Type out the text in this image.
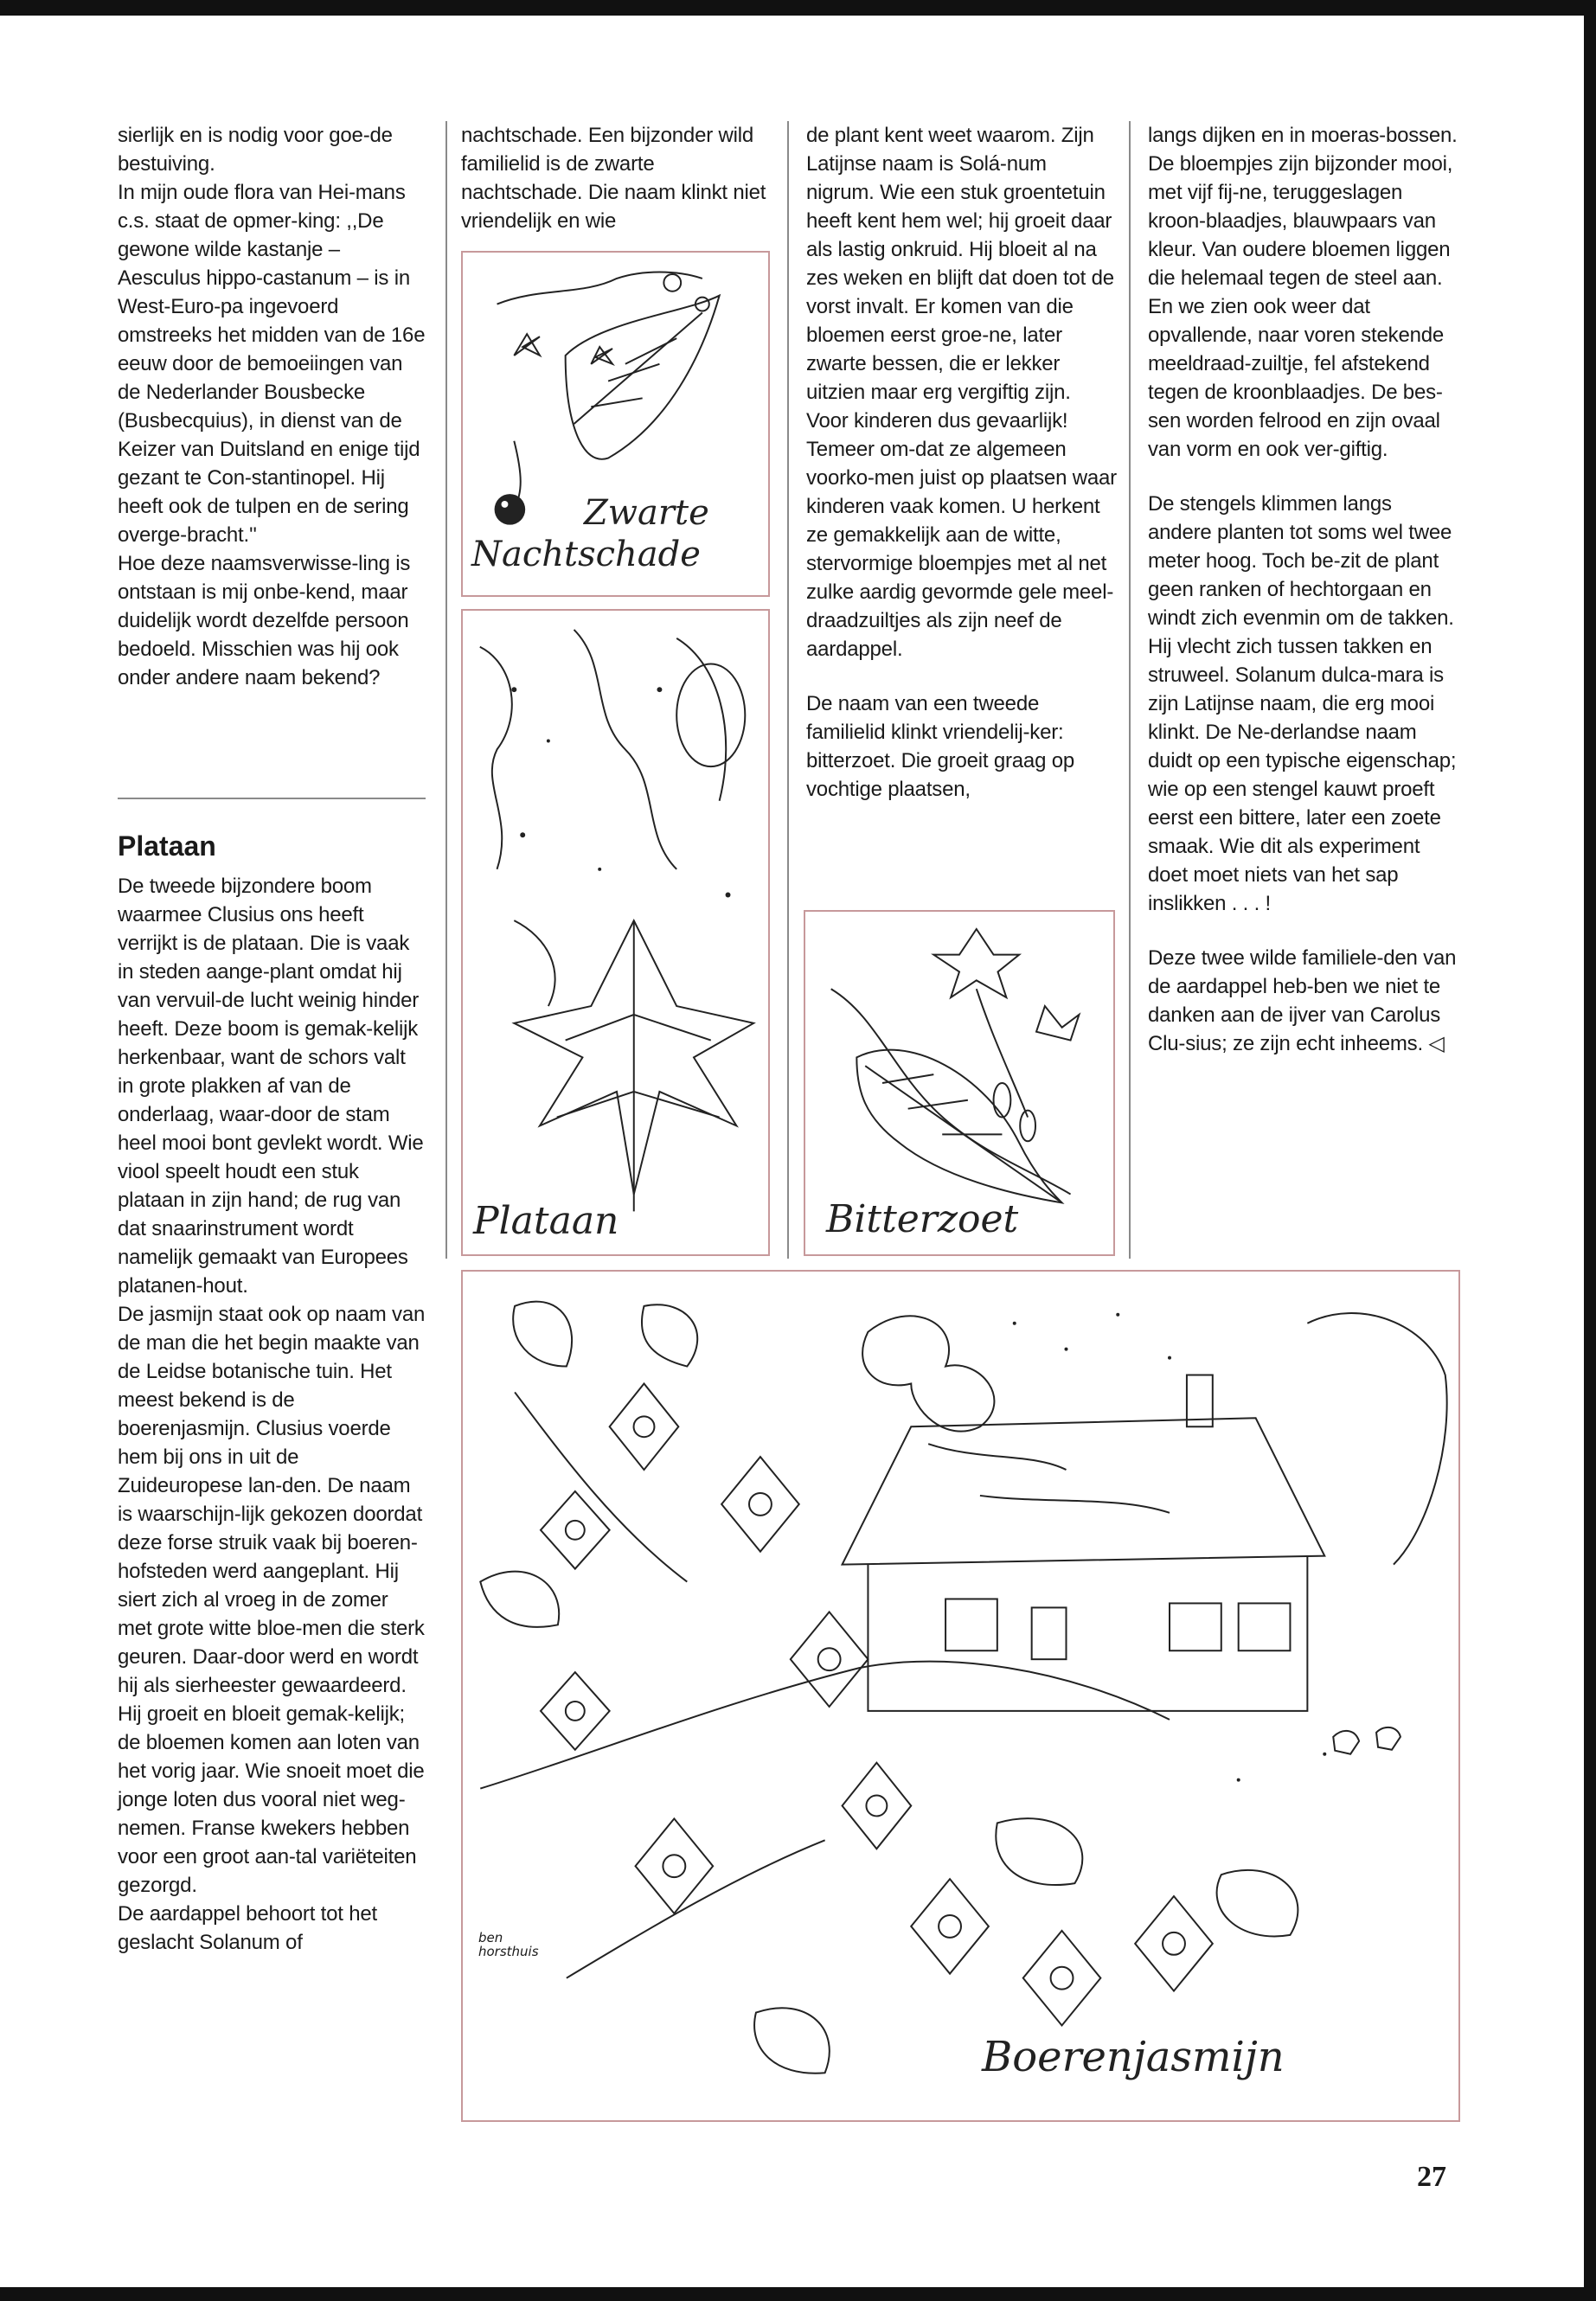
sierlijk en is nodig voor goe-de bestuiving.

In mijn oude flora van Hei-mans c.s. staat de opmer-king: ,,De gewone wilde kastanje – Aesculus hippo-castanum – is in West-Euro-pa ingevoerd omstreeks het midden van de 16e eeuw door de bemoeiingen van de Nederlander Bousbecke (Busbecquius), in dienst van de Keizer van Duitsland en enige tijd gezant te Con-stantinopel. Hij heeft ook de tulpen en de sering overge-bracht.''

Hoe deze naamsverwisse-ling is ontstaan is mij onbe-kend, maar duidelijk wordt dezelfde persoon bedoeld. Misschien was hij ook onder andere naam bekend?

Plataan

De tweede bijzondere boom waarmee Clusius ons heeft verrijkt is de plataan. Die is vaak in steden aange-plant omdat hij van vervuil-de lucht weinig hinder heeft. Deze boom is gemak-kelijk herkenbaar, want de schors valt in grote plakken af van de onderlaag, waar-door de stam heel mooi bont gevlekt wordt. Wie viool speelt houdt een stuk plataan in zijn hand; de rug van dat snaarinstrument wordt namelijk gemaakt van Europees platanen-hout.

De jasmijn staat ook op naam van de man die het begin maakte van de Leidse botanische tuin. Het meest bekend is de boerenjasmijn. Clusius voerde hem bij ons in uit de Zuideuropese lan-den. De naam is waarschijn-lijk gekozen doordat deze forse struik vaak bij boeren-hofsteden werd aangeplant. Hij siert zich al vroeg in de zomer met grote witte bloe-men die sterk geuren. Daar-door werd en wordt hij als sierheester gewaardeerd. Hij groeit en bloeit gemak-kelijk; de bloemen komen aan loten van het vorig jaar. Wie snoeit moet die jonge loten dus vooral niet weg-nemen. Franse kwekers hebben voor een groot aan-tal variëteiten gezorgd.

De aardappel behoort tot het geslacht Solanum of

nachtschade. Een bijzonder wild familielid is de zwarte nachtschade. Die naam klinkt niet vriendelijk en wie

de plant kent weet waarom. Zijn Latijnse naam is Solá-num nigrum. Wie een stuk groentetuin heeft kent hem wel; hij groeit daar als lastig onkruid. Hij bloeit al na zes weken en blijft dat doen tot de vorst invalt. Er komen van die bloemen eerst groe-ne, later zwarte bessen, die er lekker uitzien maar erg vergiftig zijn. Voor kinderen dus gevaarlijk! Temeer om-dat ze algemeen voorko-men juist op plaatsen waar kinderen vaak komen. U herkent ze gemakkelijk aan de witte, stervormige bloempjes met al net zulke aardig gevormde gele meel-draadzuiltjes als zijn neef de aardappel.

De naam van een tweede familielid klinkt vriendelij-ker: bitterzoet. Die groeit graag op vochtige plaatsen,

langs dijken en in moeras-bossen. De bloempjes zijn bijzonder mooi, met vijf fij-ne, teruggeslagen kroon-blaadjes, blauwpaars van kleur. Van oudere bloemen liggen die helemaal tegen de steel aan. En we zien ook weer dat opvallende, naar voren stekende meeldraad-zuiltje, fel afstekend tegen de kroonblaadjes. De bes-sen worden felrood en zijn ovaal van vorm en ook ver-giftig.

De stengels klimmen langs andere planten tot soms wel twee meter hoog. Toch be-zit de plant geen ranken of hechtorgaan en windt zich evenmin om de takken. Hij vlecht zich tussen takken en struweel. Solanum dulca-mara is zijn Latijnse naam, die erg mooi klinkt. De Ne-derlandse naam duidt op een typische eigenschap; wie op een stengel kauwt proeft eerst een bittere, later een zoete smaak. Wie dit als experiment doet moet niets van het sap inslikken . . . !

Deze twee wilde familiele-den van de aardappel heb-ben we niet te danken aan de ijver van Carolus Clu-sius; ze zijn echt inheems. ◁

Zwarte
Nachtschade
Plataan	Bitterzoet
ben
horsthuis
Boerenjasmijn
27
